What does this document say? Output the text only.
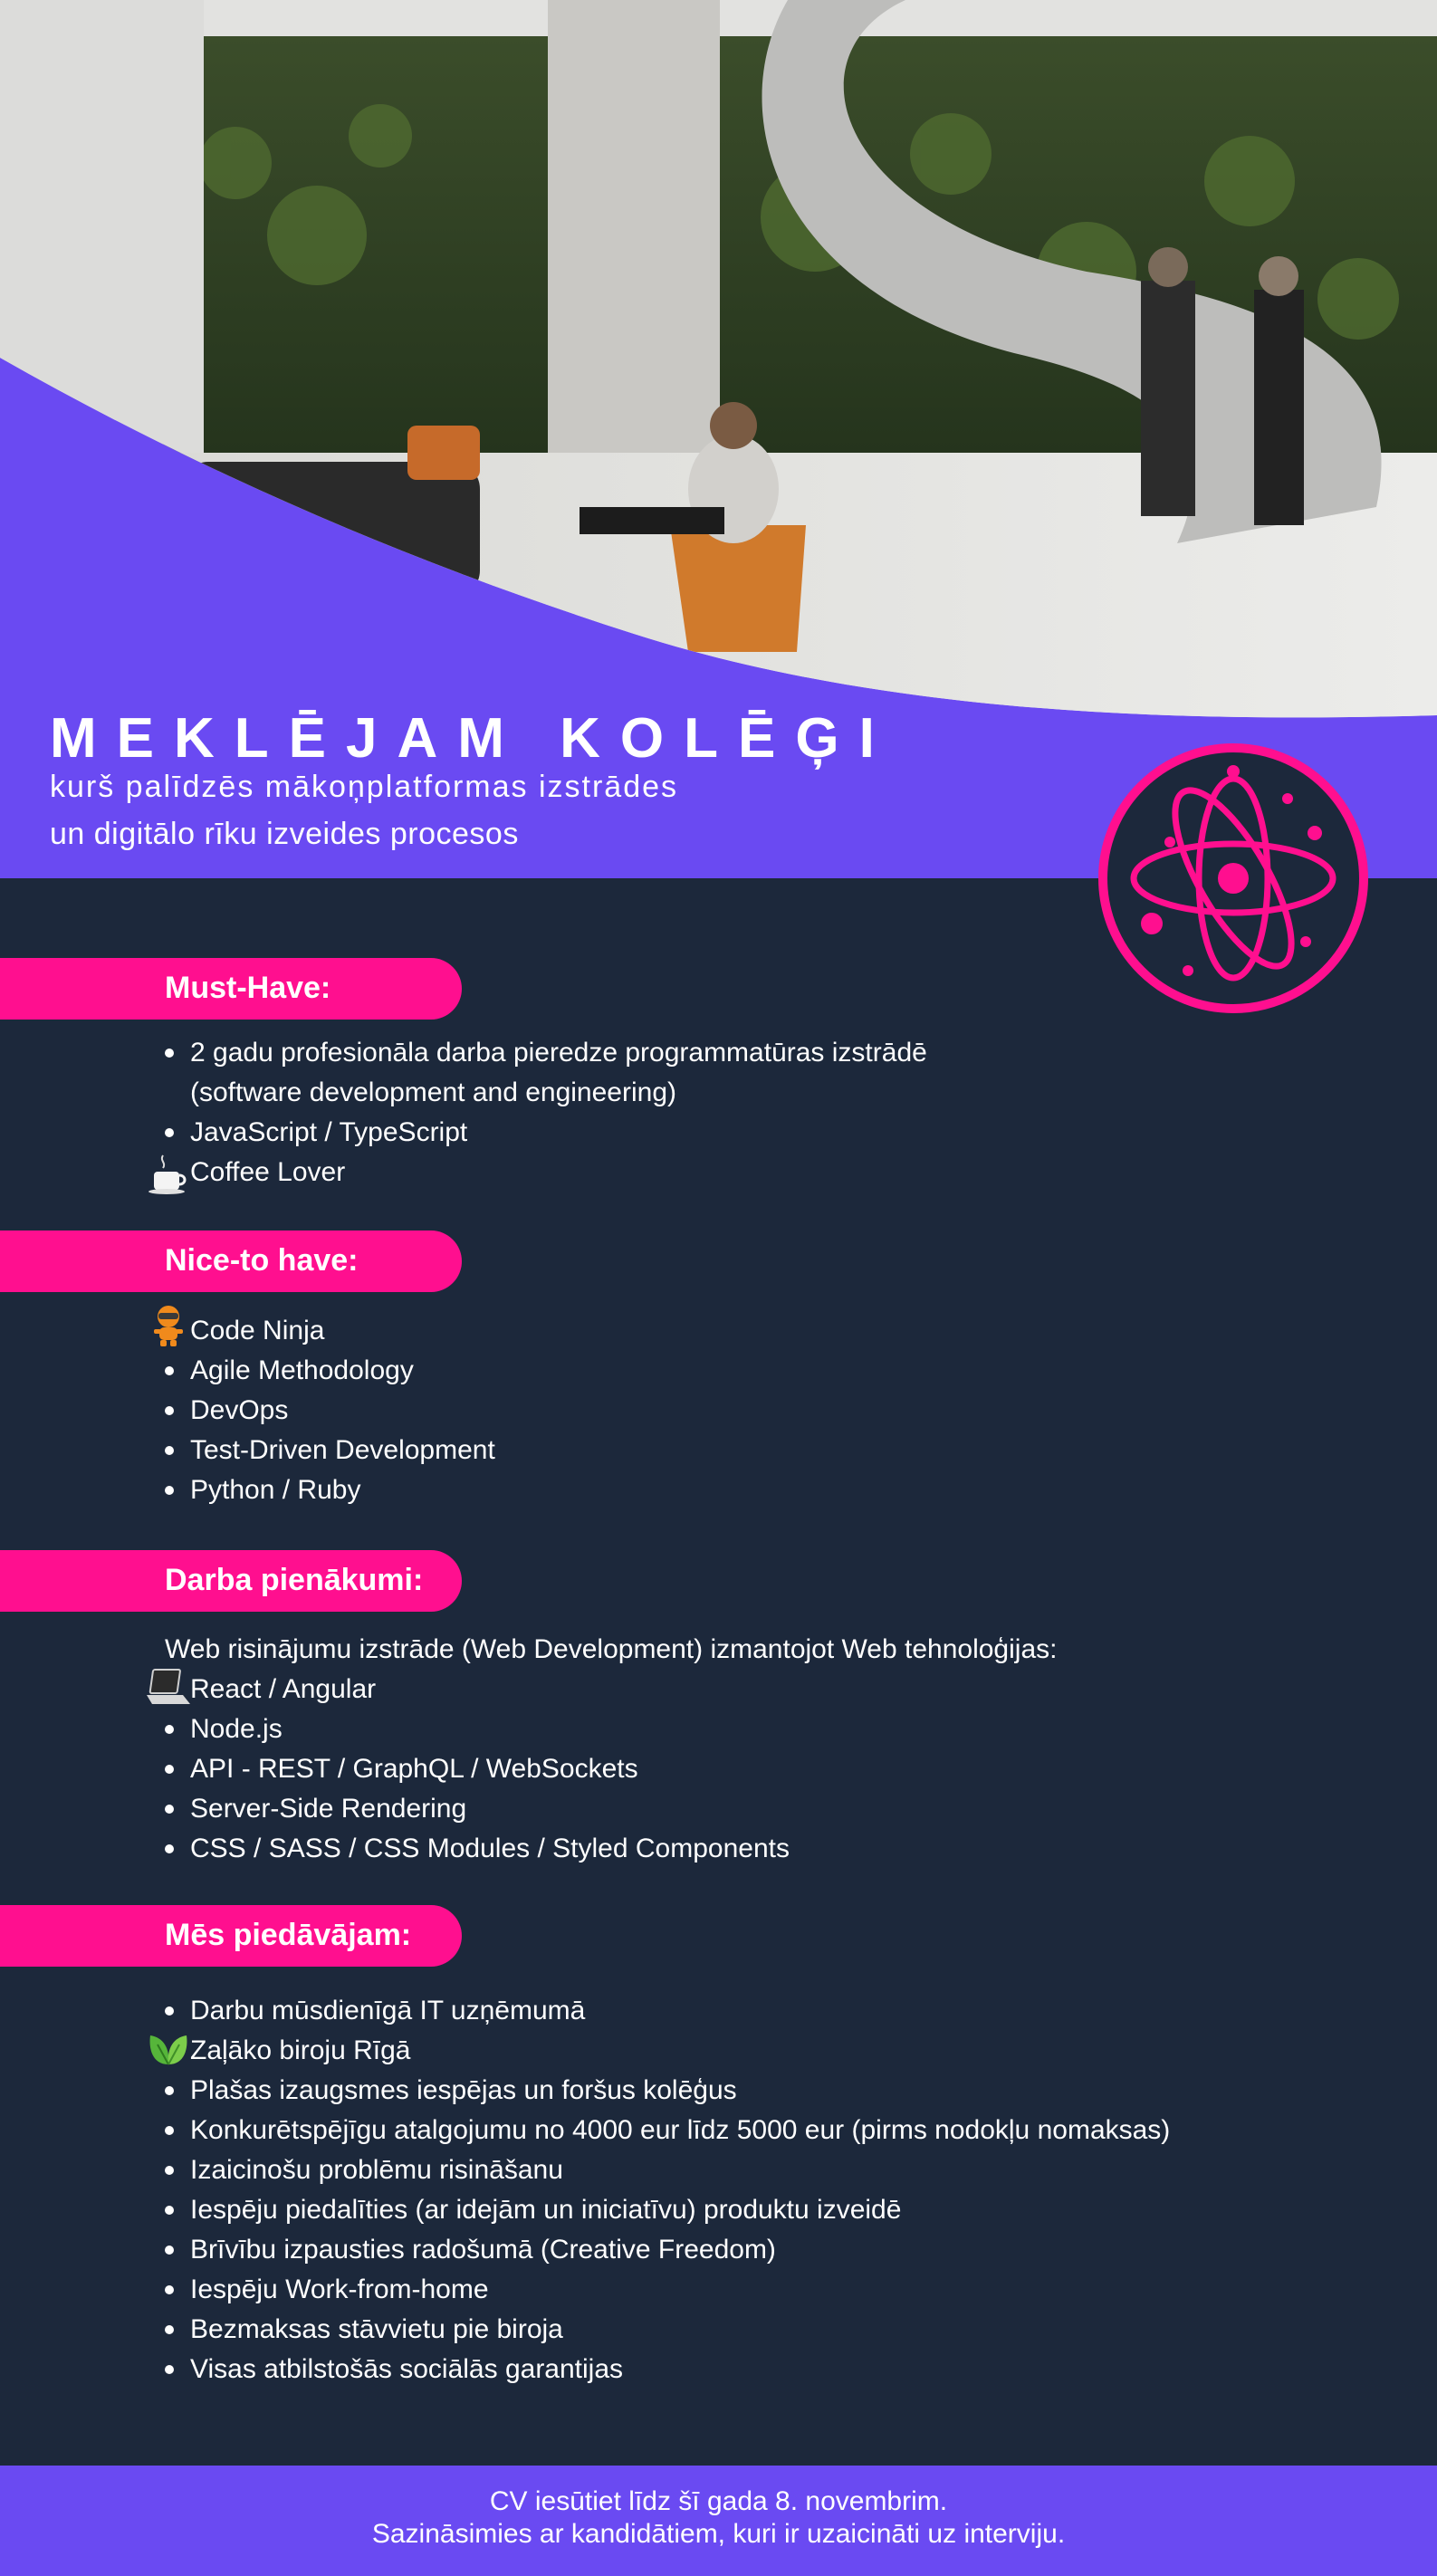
MEKLĒJAM KOLĒĢI
kurš palīdzēs mākoņplatformas izstrādes
un digitālo rīku izveides procesos
Must-Have:
2 gadu profesionāla darba pieredze programmatūras izstrādē
(software development and engineering)
JavaScript / TypeScript
Coffee Lover
Nice-to have:
Code Ninja
Agile Methodology
DevOps
Test-Driven Development
Python / Ruby
Darba pienākumi:
Web risinājumu izstrāde (Web Development) izmantojot Web tehnoloģijas:
React / Angular
Node.js
API - REST / GraphQL / WebSockets
Server-Side Rendering
CSS / SASS / CSS Modules / Styled Components
Mēs piedāvājam:
Darbu mūsdienīgā IT uzņēmumā
Zaļāko biroju Rīgā
Plašas izaugsmes iespējas un foršus kolēģus
Konkurētspējīgu atalgojumu no 4000 eur līdz 5000 eur (pirms nodokļu nomaksas)
Izaicinošu problēmu risināšanu
Iespēju piedalīties (ar idejām un iniciatīvu) produktu izveidē
Brīvību izpausties radošumā (Creative Freedom)
Iespēju Work-from-home
Bezmaksas stāvvietu pie biroja
Visas atbilstošās sociālās garantijas
CV iesūtiet līdz šī gada 8. novembrim.
Sazināsimies ar kandidātiem, kuri ir uzaicināti uz interviju.
